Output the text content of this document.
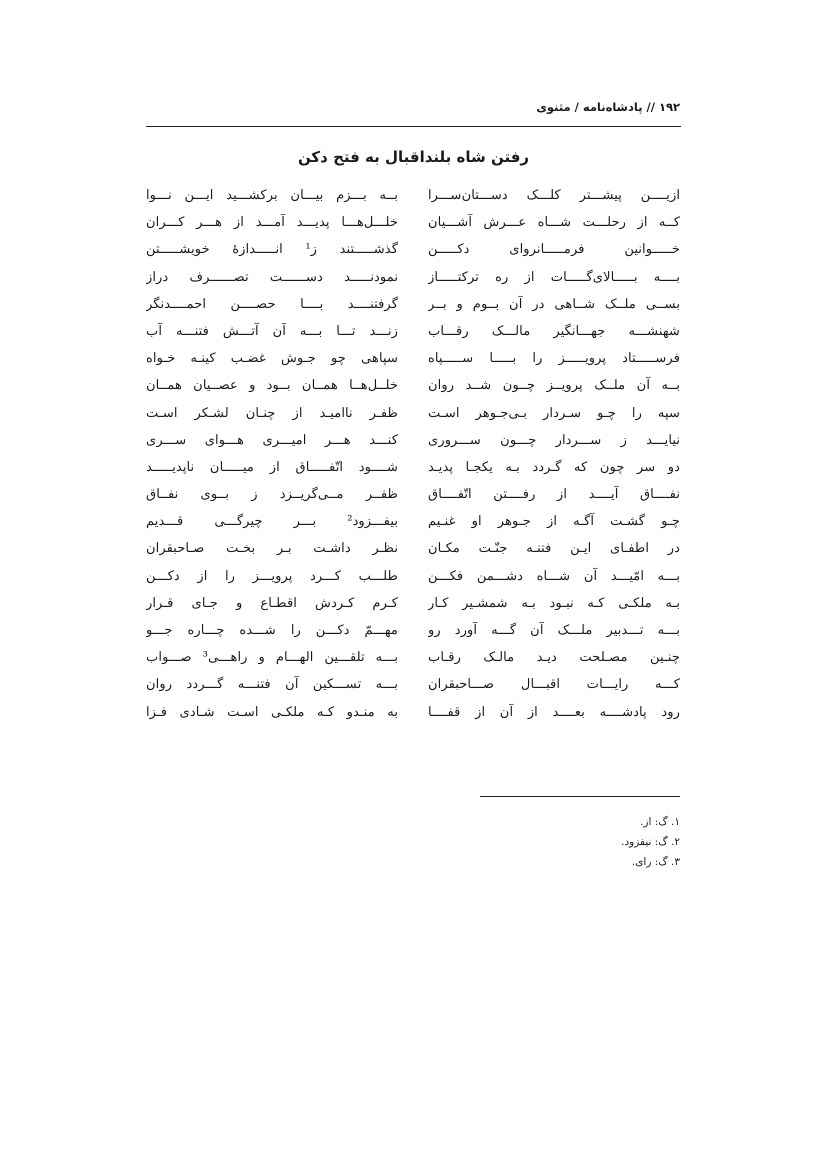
۱۹۲ // پادشاه‌نامه / مثنوی
رفتن شاه بلنداقبال به فتح دکن
ازیــــن پیشـــتر کلـــک دســـتان‌ســـرا
کــه از رحلـــت شـــاه عـــرش آشـــیان
خـــــوانین فرمـــــانروای دکـــــن
بــــه بـــــالای‌گـــــات از ره ترکتـــــاز
بســی ملــک شــاهی در آن بــوم و بــر
شهنشـــه جهـــانگیر مالـــک رقـــاب
فرســـــتاد پرویـــــز را بـــــا ســـــپاه
بــه آن ملــک پرویــز چــون شــد روان
سپه را چـو سـردار بـی‌جـوهر اسـت
نیایـــد ز ســـردار چـــون ســـروری
دو سر چون که گـردد بـه یکجـا پدیـد
نفــــاق آیــــد از رفــــتن اتّفــــاق
چـو گشـت آگـه از جـوهر او غنـیم
در اطفـای ایـن فتنـه جنّـت مکـان
بـــه امّیـــد آن شـــاه دشـــمن فکـــن
بـه ملکـی کـه نبـود بـه شمشـیر کـار
بـــه تـــدبیر ملـــک آن گـــه آورد رو
چنـین مصـلحت دیـد مالـک رقـاب
کـــه رایـــات اقبـــال صـــاحبقران
رود پادشــــه بعــــد از آن از قفــــا
بــه بـــزم بیـــان برکشـــید ایـــن نـــوا
خلـــل‌هـــا پدیـــد آمـــد از هـــر کـــران
گذشـــــتند ز¹ انـــــدازۀ خویشـــــتن
نمودنـــــد دســــــت تصــــــرف دراز
گرفتنــــد بــــا حصــــن احمــــدنگر
زنـــد تـــا بـــه آن آتـــش فتنـــه آب
سپاهی چو جـوش غضـب کینـه خـواه
خلــل‌هــا همــان بــود و عصــیان همــان
ظفـر ناامیـد از چنـان لشـکر اسـت
کنـــد هـــر امیـــری هـــوای ســـری
شــــود اتّفـــــاق از میـــــان ناپدیـــــد
ظفــر مــی‌گریــزد ز بــوی نفــاق
بیفـــزود² بـــر چیرگـــی قـــدیم
نظـر داشـت بـر بخـت صـاحبقران
طلـــب کـــرد پرویـــز را از دکـــن
کـرم کـردش اقطـاع و جـای قـرار
مهـــمّ دکـــن را شـــده چـــاره جـــو
بـــه تلقـــین الهـــام و راهـــی³ صـــواب
بـــه تســـکین آن فتنـــه گـــردد روان
به منـدو کـه ملکـی اسـت شـادی فـزا
۱. گ: از.
۲. گ: نیفزود.
۳. گ: رای.
